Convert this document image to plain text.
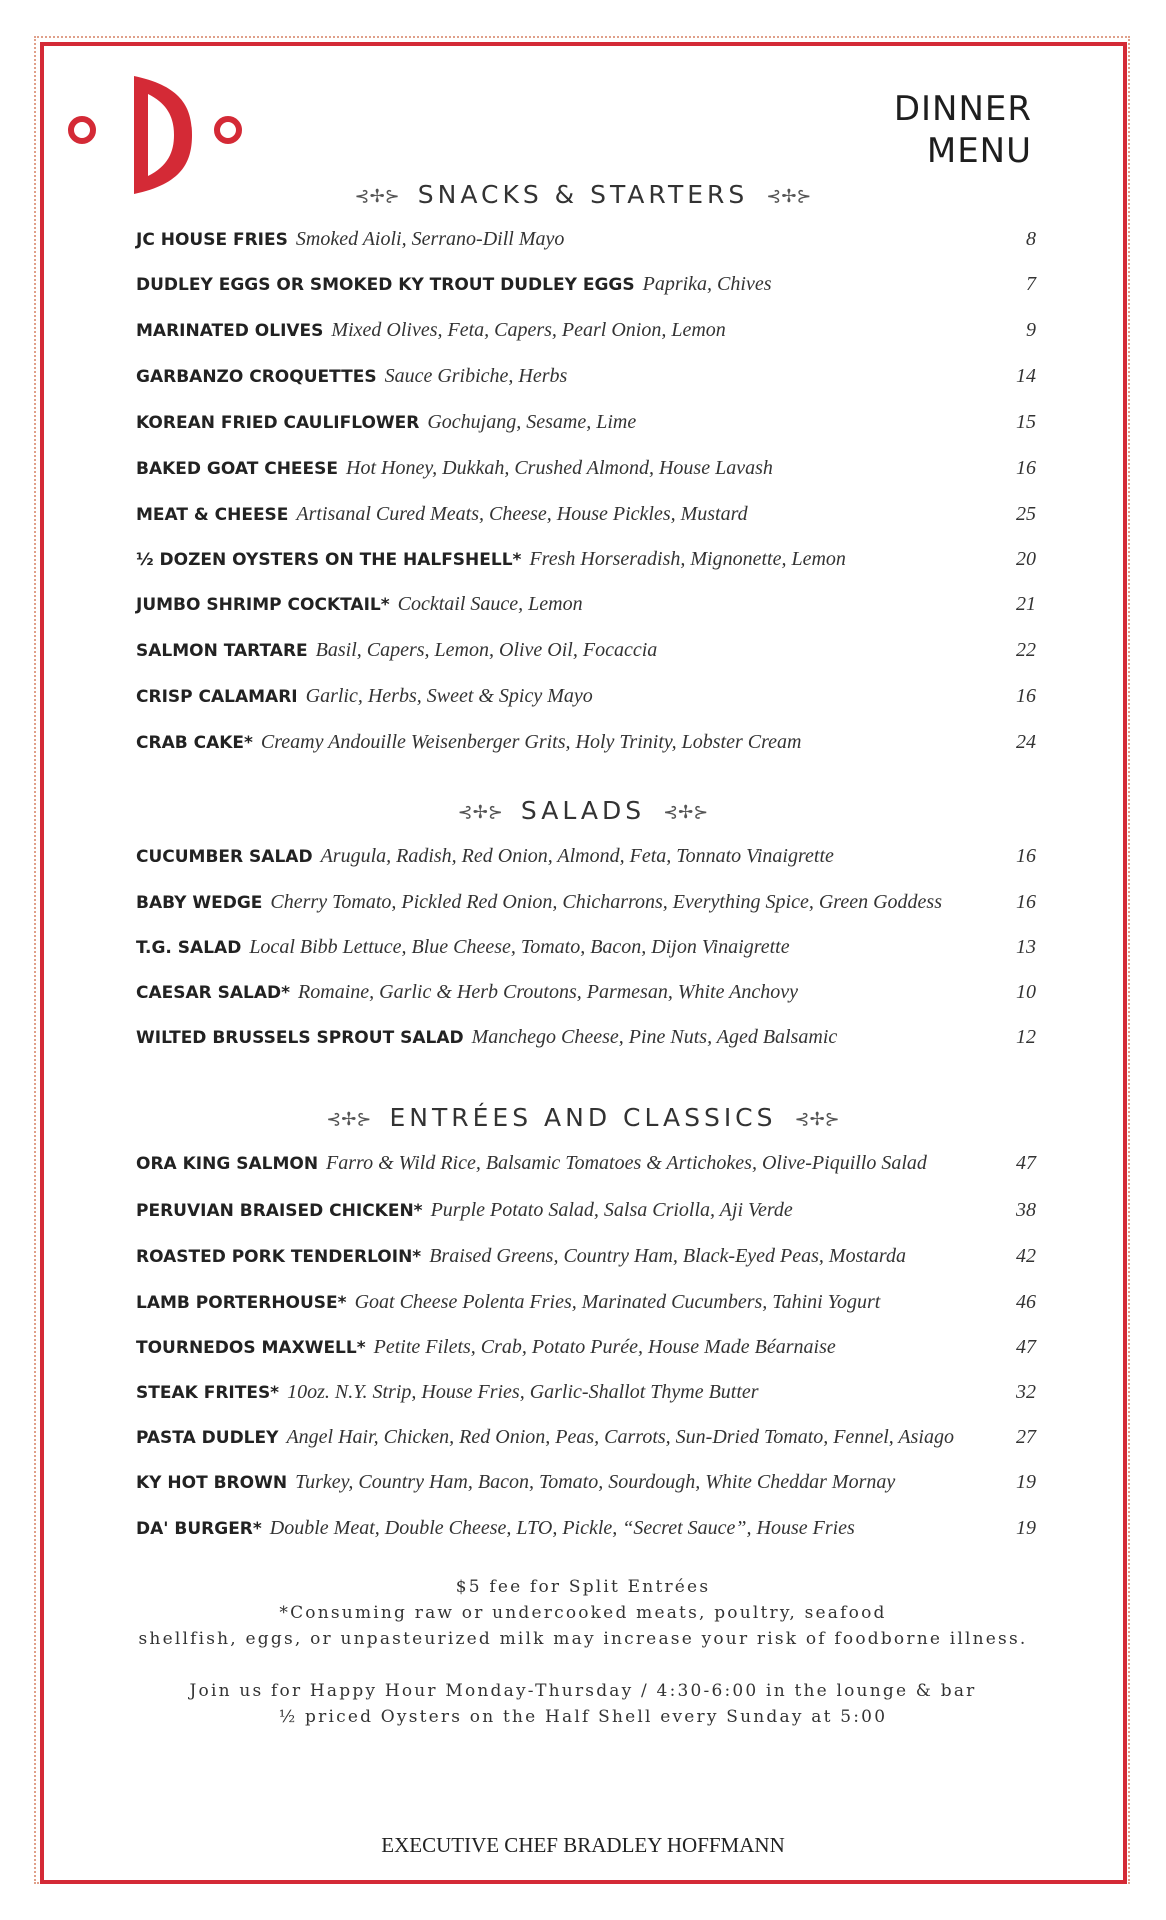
DINNER
MENU
⊰✢⊱ SNACKS & STARTERS ⊰✢⊱
JC HOUSE FRIES Smoked Aioli, Serrano-Dill Mayo	8
DUDLEY EGGS OR SMOKED KY TROUT DUDLEY EGGS Paprika, Chives	7
MARINATED OLIVES Mixed Olives, Feta, Capers, Pearl Onion, Lemon	9
GARBANZO CROQUETTES Sauce Gribiche, Herbs	14
KOREAN FRIED CAULIFLOWER Gochujang, Sesame, Lime	15
BAKED GOAT CHEESE Hot Honey, Dukkah, Crushed Almond, House Lavash	16
MEAT & CHEESE Artisanal Cured Meats, Cheese, House Pickles, Mustard	25
½ DOZEN OYSTERS ON THE HALFSHELL* Fresh Horseradish, Mignonette, Lemon	20
JUMBO SHRIMP COCKTAIL* Cocktail Sauce, Lemon	21
SALMON TARTARE Basil, Capers, Lemon, Olive Oil, Focaccia	22
CRISP CALAMARI Garlic, Herbs, Sweet & Spicy Mayo	16
CRAB CAKE* Creamy Andouille Weisenberger Grits, Holy Trinity, Lobster Cream	24
⊰✢⊱ SALADS ⊰✢⊱
CUCUMBER SALAD Arugula, Radish, Red Onion, Almond, Feta, Tonnato Vinaigrette	16
BABY WEDGE Cherry Tomato, Pickled Red Onion, Chicharrons, Everything Spice, Green Goddess	16
T.G. SALAD Local Bibb Lettuce, Blue Cheese, Tomato, Bacon, Dijon Vinaigrette	13
CAESAR SALAD* Romaine, Garlic & Herb Croutons, Parmesan, White Anchovy	10
WILTED BRUSSELS SPROUT SALAD Manchego Cheese, Pine Nuts, Aged Balsamic	12
⊰✢⊱ ENTRÉES AND CLASSICS ⊰✢⊱
ORA KING SALMON Farro & Wild Rice, Balsamic Tomatoes & Artichokes, Olive-Piquillo Salad	47
PERUVIAN BRAISED CHICKEN* Purple Potato Salad, Salsa Criolla, Aji Verde	38
ROASTED PORK TENDERLOIN* Braised Greens, Country Ham, Black-Eyed Peas, Mostarda	42
LAMB PORTERHOUSE* Goat Cheese Polenta Fries, Marinated Cucumbers, Tahini Yogurt	46
TOURNEDOS MAXWELL* Petite Filets, Crab, Potato Purée, House Made Béarnaise	47
STEAK FRITES* 10oz. N.Y. Strip, House Fries, Garlic-Shallot Thyme Butter	32
PASTA DUDLEY Angel Hair, Chicken, Red Onion, Peas, Carrots, Sun-Dried Tomato, Fennel, Asiago	27
KY HOT BROWN Turkey, Country Ham, Bacon, Tomato, Sourdough, White Cheddar Mornay	19
DA' BURGER* Double Meat, Double Cheese, LTO, Pickle, “Secret Sauce”, House Fries	19
$5 fee for Split Entrées
*Consuming raw or undercooked meats, poultry, seafood
shellfish, eggs, or unpasteurized milk may increase your risk of foodborne illness.
Join us for Happy Hour Monday-Thursday / 4:30-6:00 in the lounge & bar
½ priced Oysters on the Half Shell every Sunday at 5:00
EXECUTIVE CHEF BRADLEY HOFFMANN
